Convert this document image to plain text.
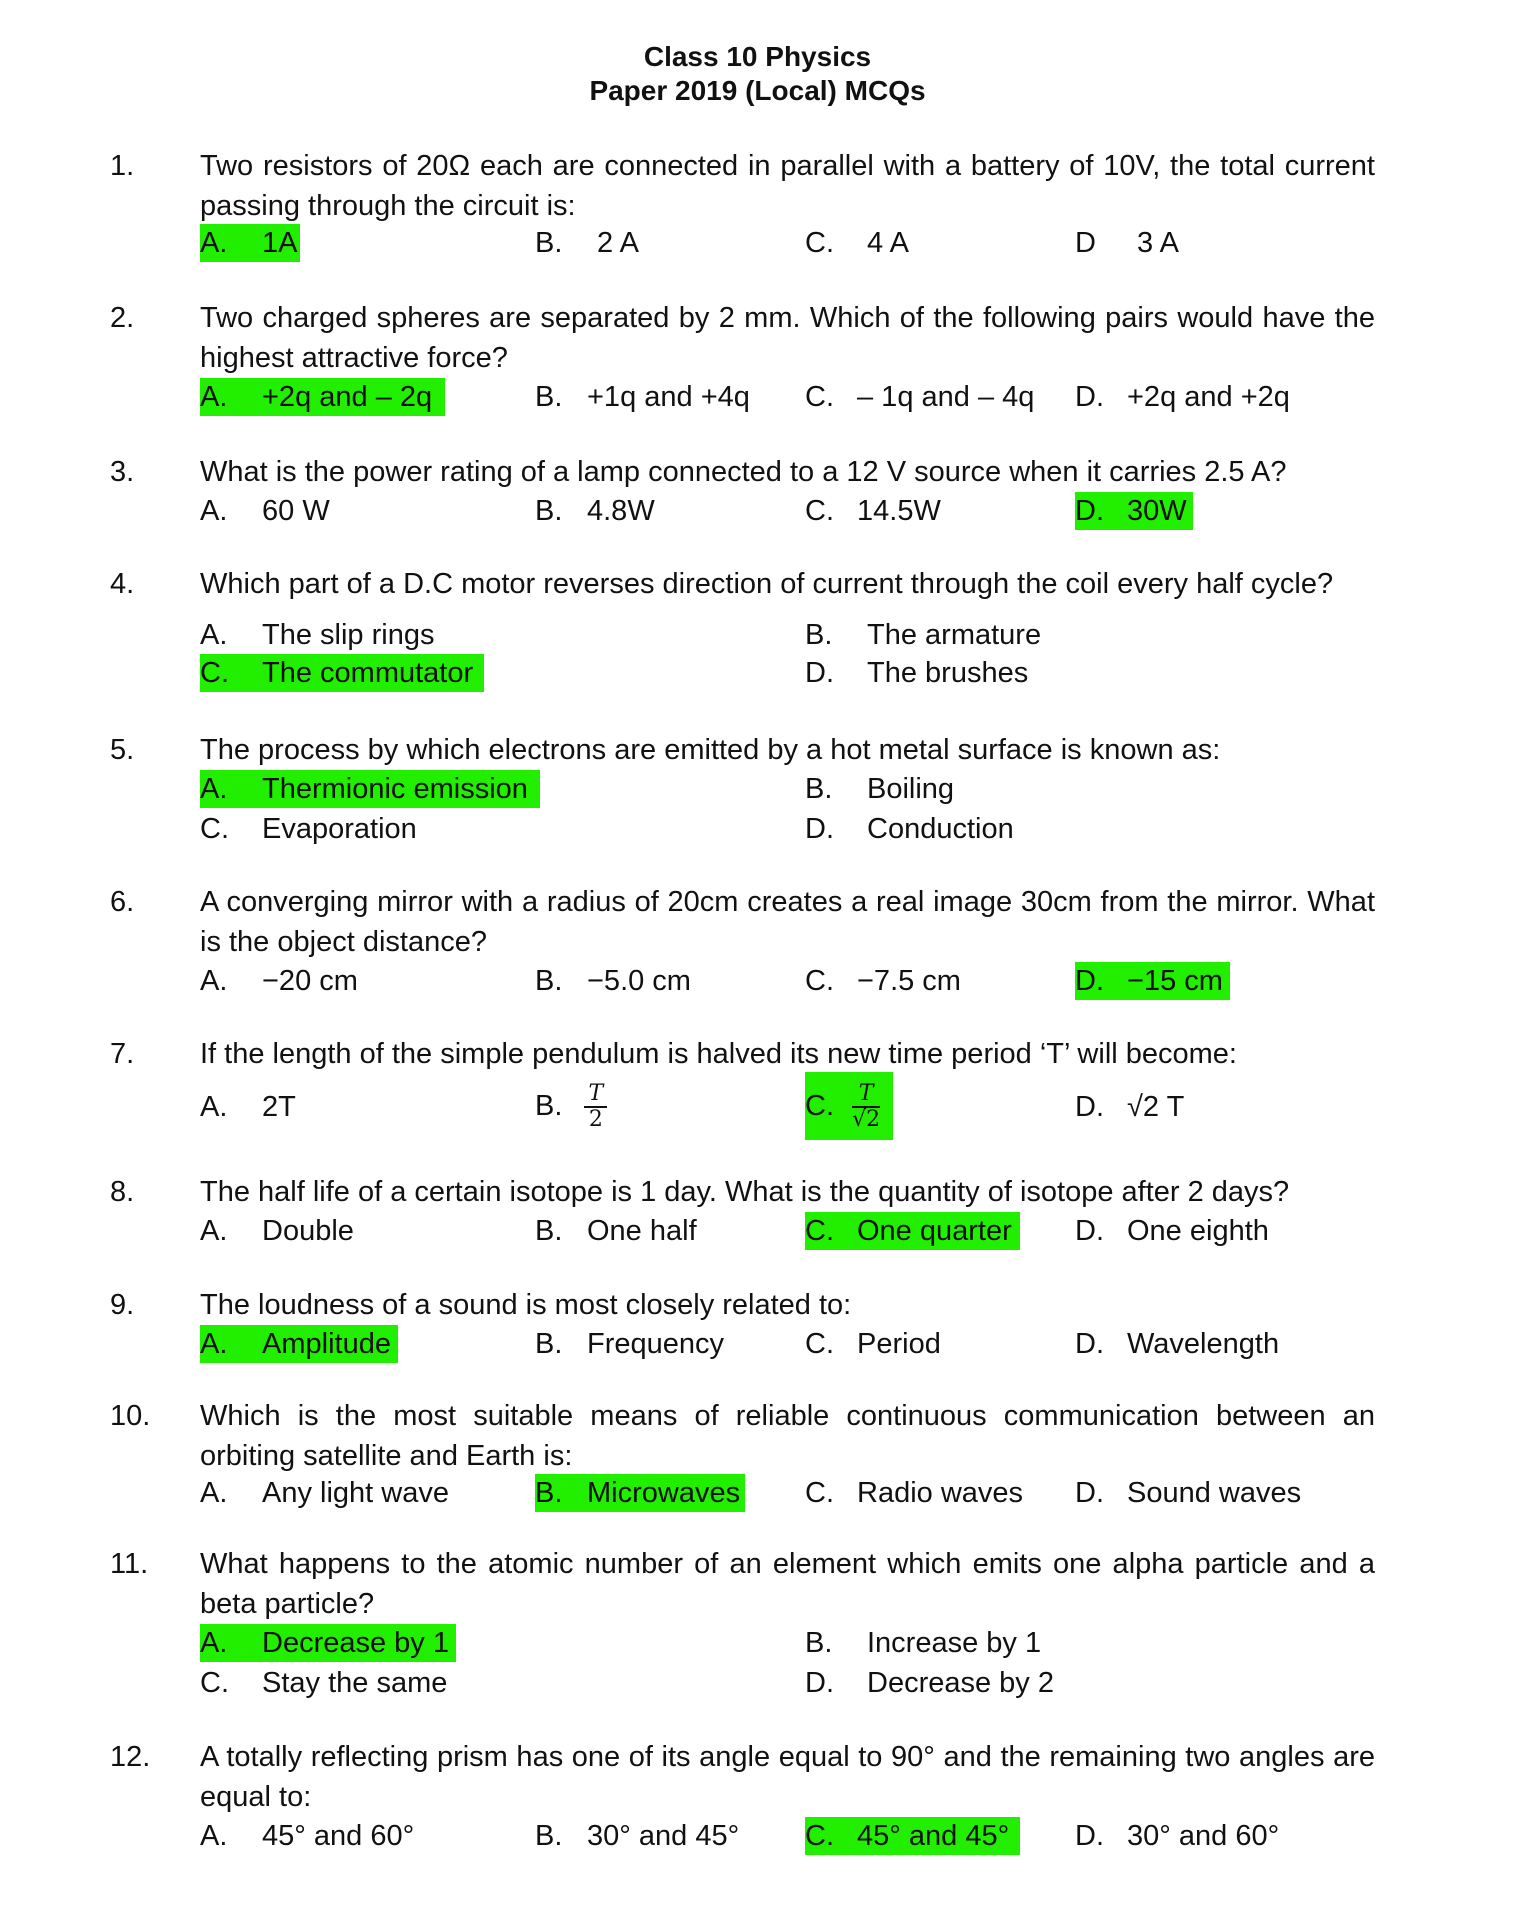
Class 10 Physics
Paper 2019 (Local) MCQs
1. Two resistors of 20Ω each are connected in parallel with a battery of 10V, the total current passing through the circuit is:
A. 1A	B. 2 A	C. 4 A	D 3 A
2. Two charged spheres are separated by 2 mm. Which of the following pairs would have the highest attractive force?
A. +2q and – 2q	B. +1q and +4q C. – 1q and – 4q D. +2q and +2q
3. What is the power rating of a lamp connected to a 12 V source when it carries 2.5 A?
A. 60 W	B. 4.8W	C. 14.5W	D. 30W
4. Which part of a D.C motor reverses direction of current through the coil every half cycle?
A. The slip rings	B. The armature
C. The commutator	D. The brushes
5. The process by which electrons are emitted by a hot metal surface is known as:
A. Thermionic emission	B. Boiling
C. Evaporation	D. Conduction
6. A converging mirror with a radius of 20cm creates a real image 30cm from the mirror. What is the object distance?
A. −20 cm	B. −5.0 cm	C. −7.5 cm	D. −15 cm
7. If the length of the simple pendulum is halved its new time period ‘T’ will become:
A. 2T	B. $\frac{T}{2}$	C. $\frac{T}{√2}$	D. √2 T
8. The half life of a certain isotope is 1 day. What is the quantity of isotope after 2 days?
A. Double	B. One half	C. One quarter D. One eighth
9. The loudness of a sound is most closely related to:
A. Amplitude	B. Frequency	C. Period	D. Wavelength
10. Which is the most suitable means of reliable continuous communication between an orbiting satellite and Earth is:
A. Any light wave	B. Microwaves C. Radio waves D. Sound waves
11. What happens to the atomic number of an element which emits one alpha particle and a beta particle?
A. Decrease by 1	B. Increase by 1
C. Stay the same	D. Decrease by 2
12. A totally reflecting prism has one of its angle equal to 90° and the remaining two angles are equal to:
A. 45° and 60°	B. 30° and 45° C. 45° and 45° D. 30° and 60°
